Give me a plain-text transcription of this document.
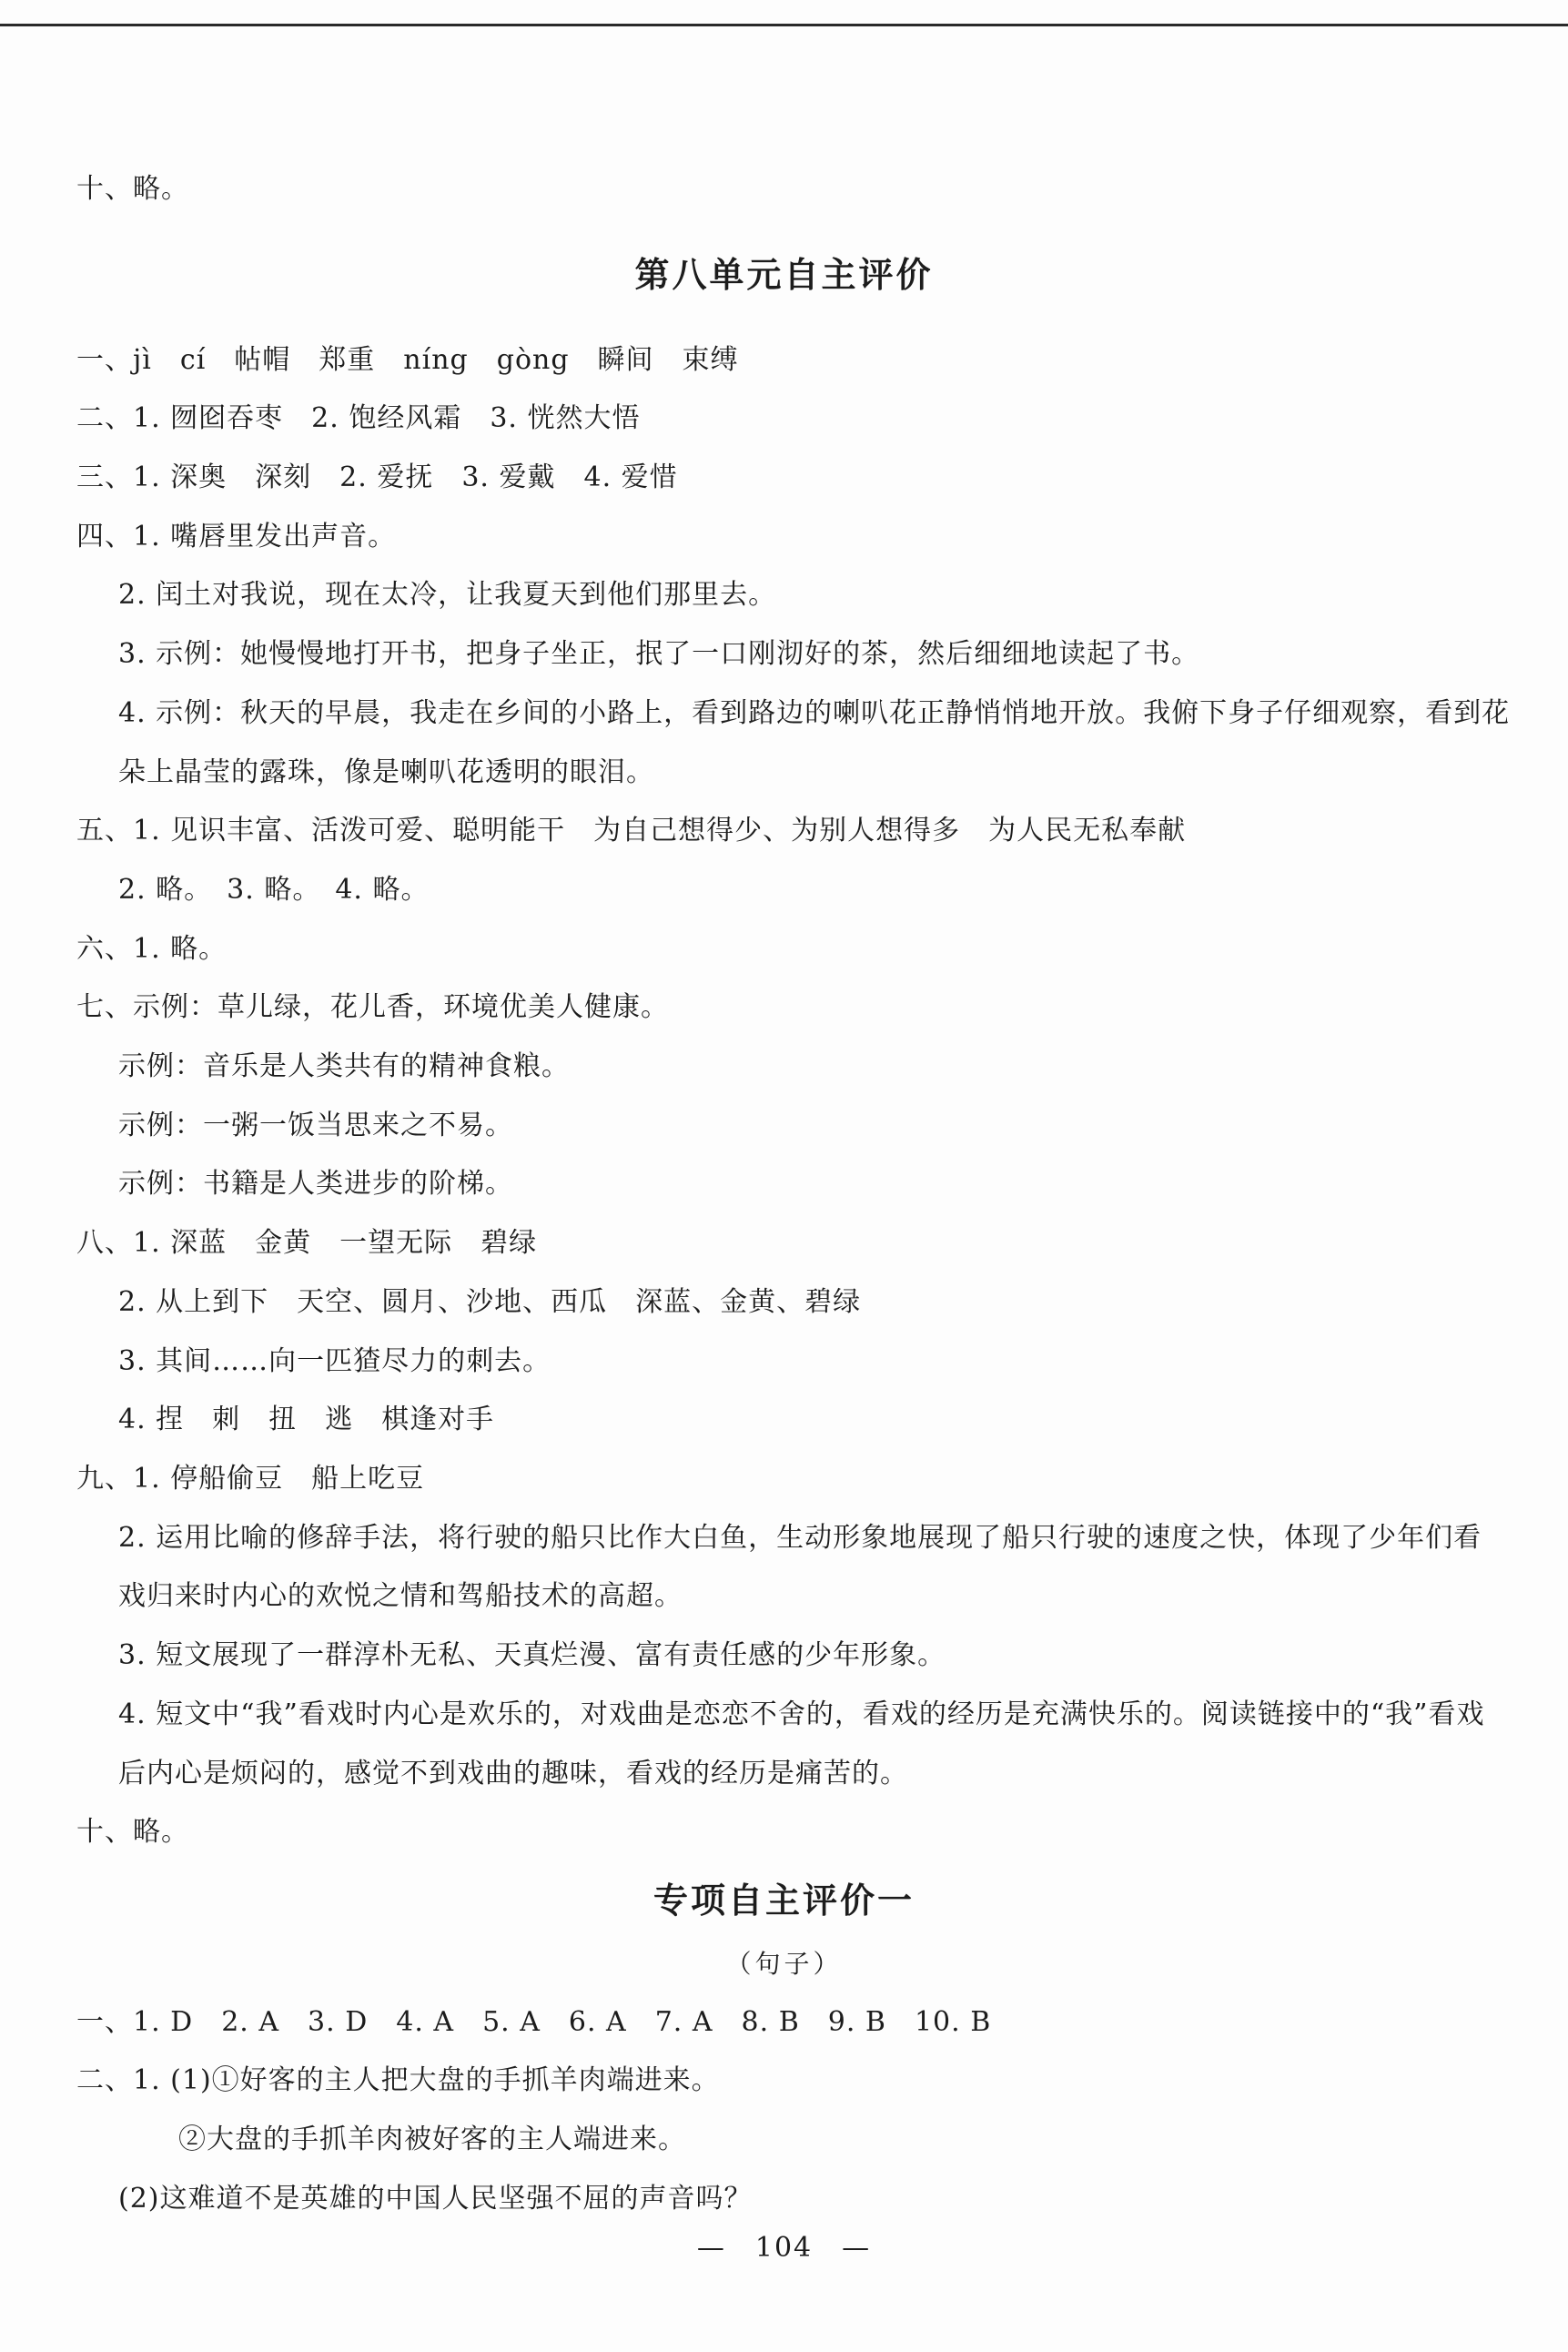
十、略。
第八单元自主评价
一、jì　cí　帖帽　郑重　níng　gòng　瞬间　束缚
二、1. 囫囵吞枣　2. 饱经风霜　3. 恍然大悟
三、1. 深奥　深刻　2. 爱抚　3. 爱戴　4. 爱惜
四、1. 嘴唇里发出声音。
2. 闰土对我说，现在太冷，让我夏天到他们那里去。
3. 示例：她慢慢地打开书，把身子坐正，抿了一口刚沏好的茶，然后细细地读起了书。
4. 示例：秋天的早晨，我走在乡间的小路上，看到路边的喇叭花正静悄悄地开放。我俯下身子仔细观察，看到花
朵上晶莹的露珠，像是喇叭花透明的眼泪。
五、1. 见识丰富、活泼可爱、聪明能干　为自己想得少、为别人想得多　为人民无私奉献
2. 略。　3. 略。　4. 略。
六、1. 略。
七、示例：草儿绿，花儿香，环境优美人健康。
示例：音乐是人类共有的精神食粮。
示例：一粥一饭当思来之不易。
示例：书籍是人类进步的阶梯。
八、1. 深蓝　金黄　一望无际　碧绿
2. 从上到下　天空、圆月、沙地、西瓜　深蓝、金黄、碧绿
3. 其间……向一匹猹尽力的刺去。
4. 捏　刺　扭　逃　棋逢对手
九、1. 停船偷豆　船上吃豆
2. 运用比喻的修辞手法，将行驶的船只比作大白鱼，生动形象地展现了船只行驶的速度之快，体现了少年们看
戏归来时内心的欢悦之情和驾船技术的高超。
3. 短文展现了一群淳朴无私、天真烂漫、富有责任感的少年形象。
4. 短文中“我”看戏时内心是欢乐的，对戏曲是恋恋不舍的，看戏的经历是充满快乐的。阅读链接中的“我”看戏
后内心是烦闷的，感觉不到戏曲的趣味，看戏的经历是痛苦的。
十、略。
专项自主评价一
（句子）
一、1. D　2. A　3. D　4. A　5. A　6. A　7. A　8. B　9. B　10. B
二、1. (1)①好客的主人把大盘的手抓羊肉端进来。
②大盘的手抓羊肉被好客的主人端进来。
(2)这难道不是英雄的中国人民坚强不屈的声音吗？
—　104　—
